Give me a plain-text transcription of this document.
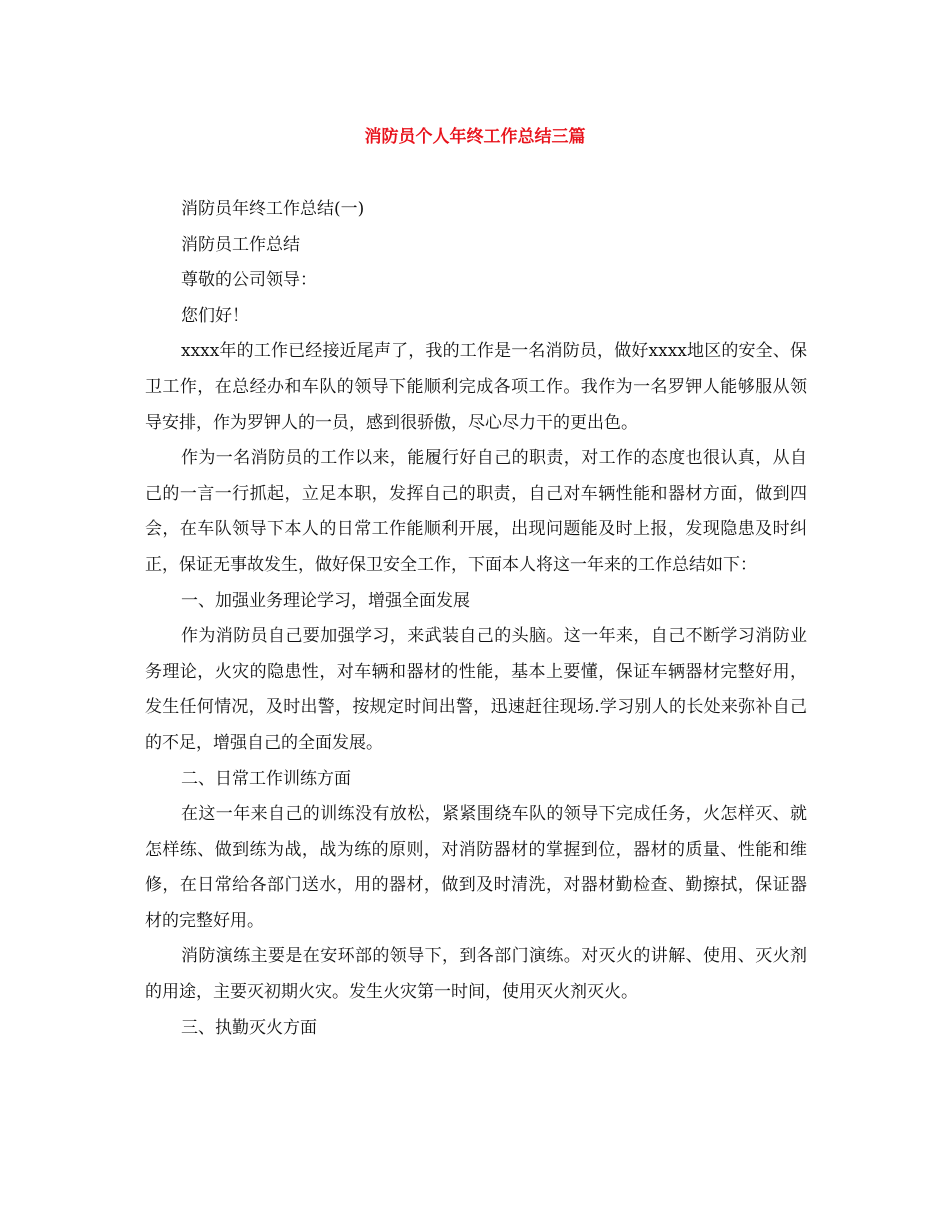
消防员个人年终工作总结三篇

消防员年终工作总结(一)

消防员工作总结

尊敬的公司领导：

您们好！

xxxx年的工作已经接近尾声了，我的工作是一名消防员，做好xxxx地区的安全、保卫工作，在总经办和车队的领导下能顺利完成各项工作。我作为一名罗钾人能够服从领导安排，作为罗钾人的一员，感到很骄傲，尽心尽力干的更出色。

作为一名消防员的工作以来，能履行好自己的职责，对工作的态度也很认真，从自己的一言一行抓起，立足本职，发挥自己的职责，自己对车辆性能和器材方面，做到四会，在车队领导下本人的日常工作能顺利开展，出现问题能及时上报，发现隐患及时纠正，保证无事故发生，做好保卫安全工作，下面本人将这一年来的工作总结如下：

一、加强业务理论学习，增强全面发展

作为消防员自己要加强学习，来武装自己的头脑。这一年来，自己不断学习消防业务理论，火灾的隐患性，对车辆和器材的性能，基本上要懂，保证车辆器材完整好用，发生任何情况，及时出警，按规定时间出警，迅速赶往现场.学习别人的长处来弥补自己的不足，增强自己的全面发展。

二、日常工作训练方面

在这一年来自己的训练没有放松，紧紧围绕车队的领导下完成任务，火怎样灭、就怎样练、做到练为战，战为练的原则，对消防器材的掌握到位，器材的质量、性能和维修，在日常给各部门送水，用的器材，做到及时清洗，对器材勤检查、勤擦拭，保证器材的完整好用。

消防演练主要是在安环部的领导下，到各部门演练。对灭火的讲解、使用、灭火剂的用途，主要灭初期火灾。发生火灾第一时间，使用灭火剂灭火。

三、执勤灭火方面
